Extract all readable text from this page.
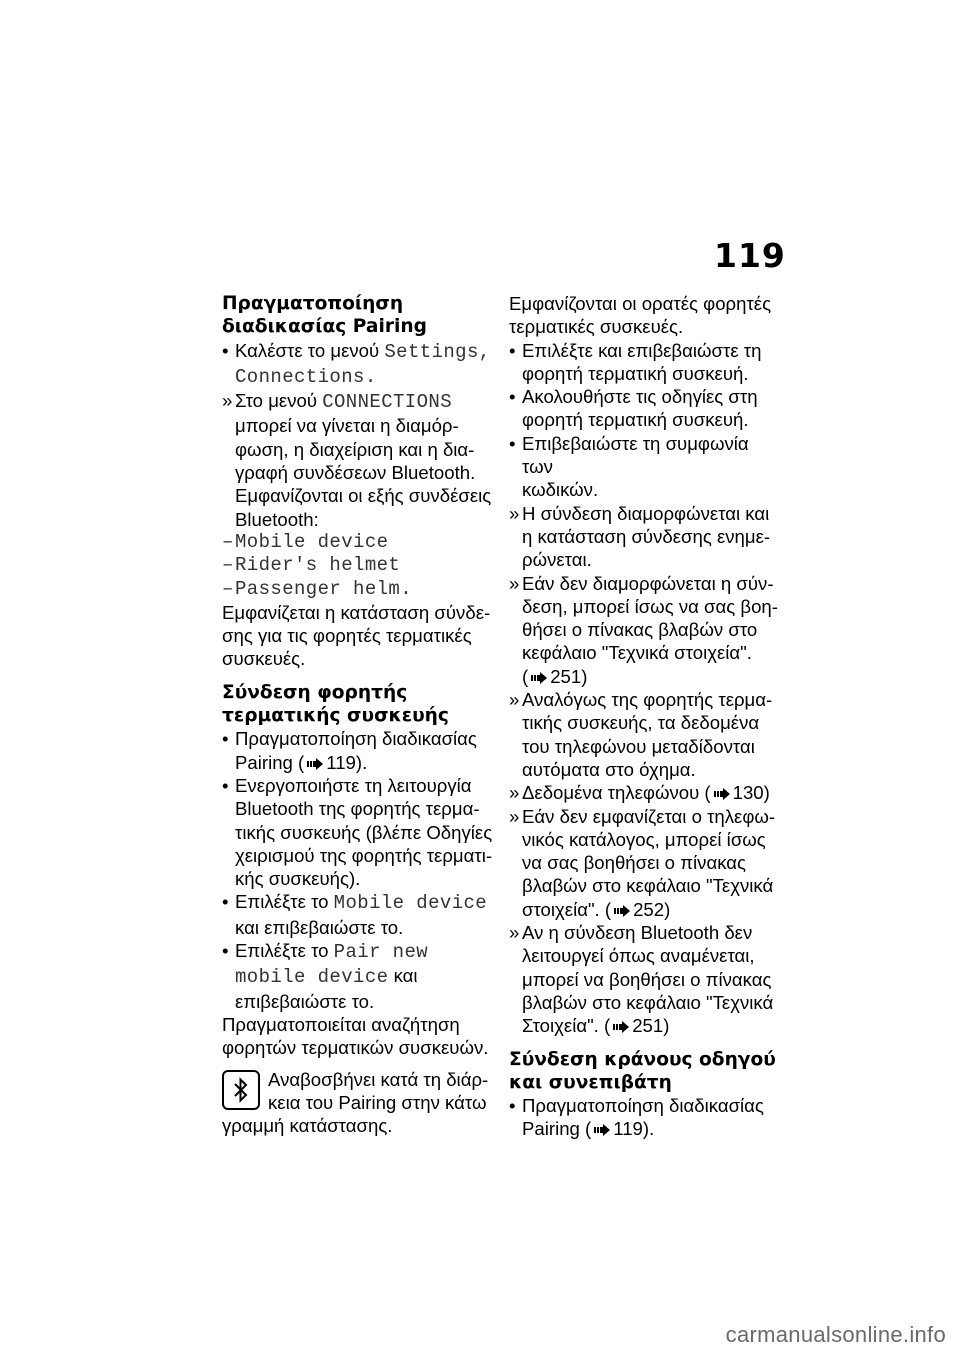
119
Πραγματοποίηση
διαδικασίας Pairing
• Καλέστε το μενού Settings,
Connections.
» Στο μενού CONNECTIONS
μπορεί να γίνεται η διαμόρ-
φωση, η διαχείριση και η δια-
γραφή συνδέσεων Bluetooth.
Εμφανίζονται οι εξής συνδέσεις
Bluetooth:
– Mobile device
– Rider's helmet
– Passenger helm.
Εμφανίζεται η κατάσταση σύνδε-
σης για τις φορητές τερματικές
συσκευές.
Σύνδεση φορητής
τερματικής συσκευής
• Πραγματοποίηση διαδικασίας
Pairing ( 119).
• Ενεργοποιήστε τη λειτουργία
Bluetooth της φορητής τερμα-
τικής συσκευής (βλέπε Οδηγίες
χειρισμού της φορητής τερματι-
κής συσκευής).
• Επιλέξτε το Mobile device
και επιβεβαιώστε το.
• Επιλέξτε το Pair new
mobile device και
επιβεβαιώστε το.
Πραγματοποιείται αναζήτηση
φορητών τερματικών συσκευών.
Αναβοσβήνει κατά τη διάρ-
κεια του Pairing στην κάτω
γραμμή κατάστασης.
Εμφανίζονται οι ορατές φορητές
τερματικές συσκευές.
• Επιλέξτε και επιβεβαιώστε τη
φορητή τερματική συσκευή.
• Ακολουθήστε τις οδηγίες στη
φορητή τερματική συσκευή.
• Επιβεβαιώστε τη συμφωνία των
κωδικών.
» Η σύνδεση διαμορφώνεται και
η κατάσταση σύνδεσης ενημε-
ρώνεται.
» Εάν δεν διαμορφώνεται η σύν-
δεση, μπορεί ίσως να σας βοη-
θήσει ο πίνακας βλαβών στο
κεφάλαιο "Τεχνικά στοιχεία".
( 251)
» Αναλόγως της φορητής τερμα-
τικής συσκευής, τα δεδομένα
του τηλεφώνου μεταδίδονται
αυτόματα στο όχημα.
» Δεδομένα τηλεφώνου ( 130)
» Εάν δεν εμφανίζεται ο τηλεφω-
νικός κατάλογος, μπορεί ίσως
να σας βοηθήσει ο πίνακας
βλαβών στο κεφάλαιο "Τεχνικά
στοιχεία". ( 252)
» Αν η σύνδεση Bluetooth δεν
λειτουργεί όπως αναμένεται,
μπορεί να βοηθήσει ο πίνακας
βλαβών στο κεφάλαιο "Τεχνικά
Στοιχεία". ( 251)
Σύνδεση κράνους οδηγού
και συνεπιβάτη
• Πραγματοποίηση διαδικασίας
Pairing ( 119).
carmanualsonline.info
